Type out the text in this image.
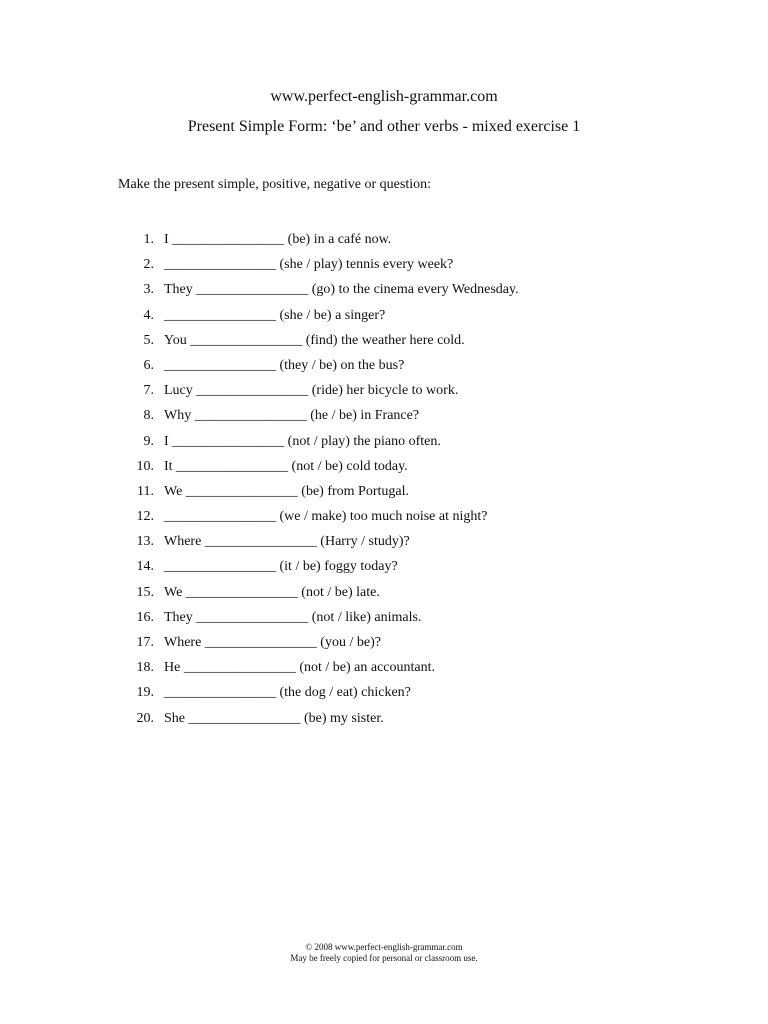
www.perfect-english-grammar.com
Present Simple Form: ‘be’ and other verbs - mixed exercise 1
Make the present simple, positive, negative or question:
1. I ________________ (be) in a café now.
2. ________________ (she / play) tennis every week?
3. They ________________ (go) to the cinema every Wednesday.
4. ________________ (she / be) a singer?
5. You ________________ (find) the weather here cold.
6. ________________ (they / be) on the bus?
7. Lucy ________________ (ride) her bicycle to work.
8. Why ________________ (he / be) in France?
9. I ________________ (not / play) the piano often.
10. It ________________ (not / be) cold today.
11. We ________________ (be) from Portugal.
12. ________________ (we / make) too much noise at night?
13. Where ________________ (Harry / study)?
14. ________________ (it / be) foggy today?
15. We ________________ (not / be) late.
16. They ________________ (not / like) animals.
17. Where ________________ (you / be)?
18. He ________________ (not / be) an accountant.
19. ________________ (the dog / eat) chicken?
20. She ________________ (be) my sister.
© 2008 www.perfect-english-grammar.com
May be freely copied for personal or classroom use.
